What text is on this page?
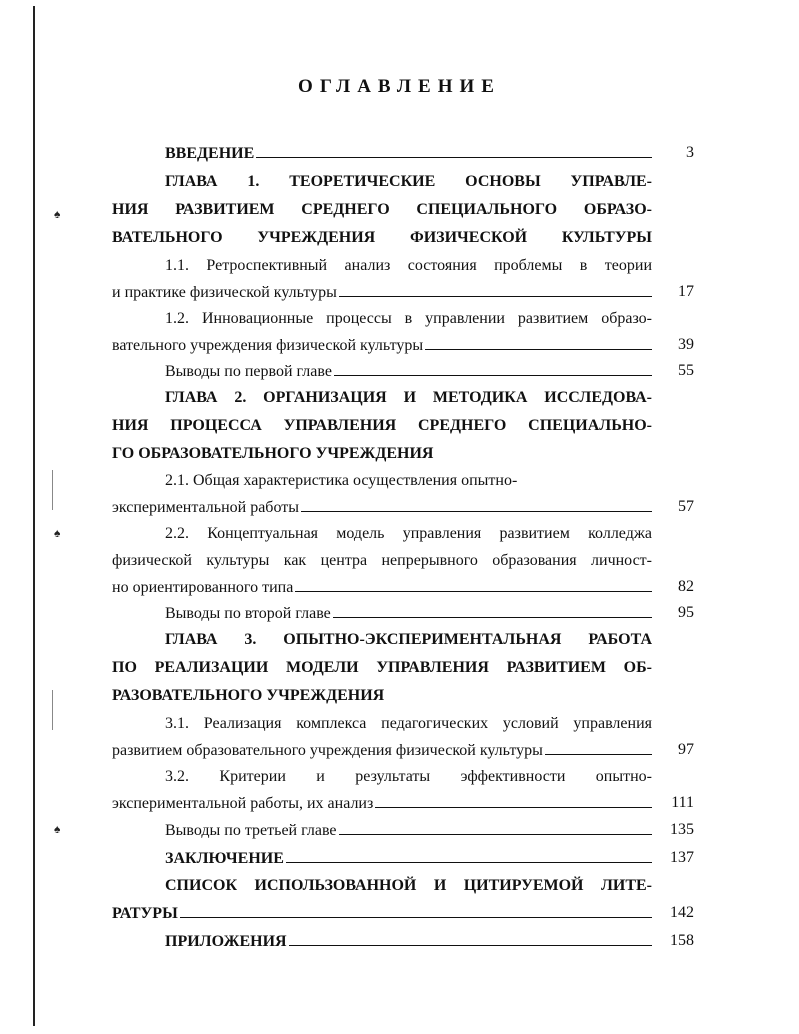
♠
♠
♠
ОГЛАВЛЕНИЕ
ВВЕДЕНИЕ	3
ГЛАВА 1. ТЕОРЕТИЧЕСКИЕ ОСНОВЫ УПРАВЛЕ-
НИЯ РАЗВИТИЕМ СРЕДНЕГО СПЕЦИАЛЬНОГО ОБРАЗО-
ВАТЕЛЬНОГО УЧРЕЖДЕНИЯ ФИЗИЧЕСКОЙ КУЛЬТУРЫ
1.1. Ретроспективный анализ состояния проблемы в теории
и практике физической культуры	17
1.2. Инновационные процессы в управлении развитием образо-
вательного учреждения физической культуры	39
Выводы по первой главе	55
ГЛАВА 2. ОРГАНИЗАЦИЯ И МЕТОДИКА ИССЛЕДОВА-
НИЯ ПРОЦЕССА УПРАВЛЕНИЯ СРЕДНЕГО СПЕЦИАЛЬНО-
ГО ОБРАЗОВАТЕЛЬНОГО УЧРЕЖДЕНИЯ
2.1. Общая характеристика осуществления опытно-
экспериментальной работы	57
2.2. Концептуальная модель управления развитием колледжа
физической культуры как центра непрерывного образования личност-
но ориентированного типа	82
Выводы по второй главе	95
ГЛАВА 3. ОПЫТНО-ЭКСПЕРИМЕНТАЛЬНАЯ РАБОТА
ПО РЕАЛИЗАЦИИ МОДЕЛИ УПРАВЛЕНИЯ РАЗВИТИЕМ ОБ-
РАЗОВАТЕЛЬНОГО УЧРЕЖДЕНИЯ
3.1. Реализация комплекса педагогических условий управления
развитием образовательного учреждения физической культуры	97
3.2. Критерии и результаты эффективности опытно-
экспериментальной работы, их анализ	111
Выводы по третьей главе	135
ЗАКЛЮЧЕНИЕ	137
СПИСОК ИСПОЛЬЗОВАННОЙ И ЦИТИРУЕМОЙ ЛИТЕ-
РАТУРЫ	142
ПРИЛОЖЕНИЯ	158
